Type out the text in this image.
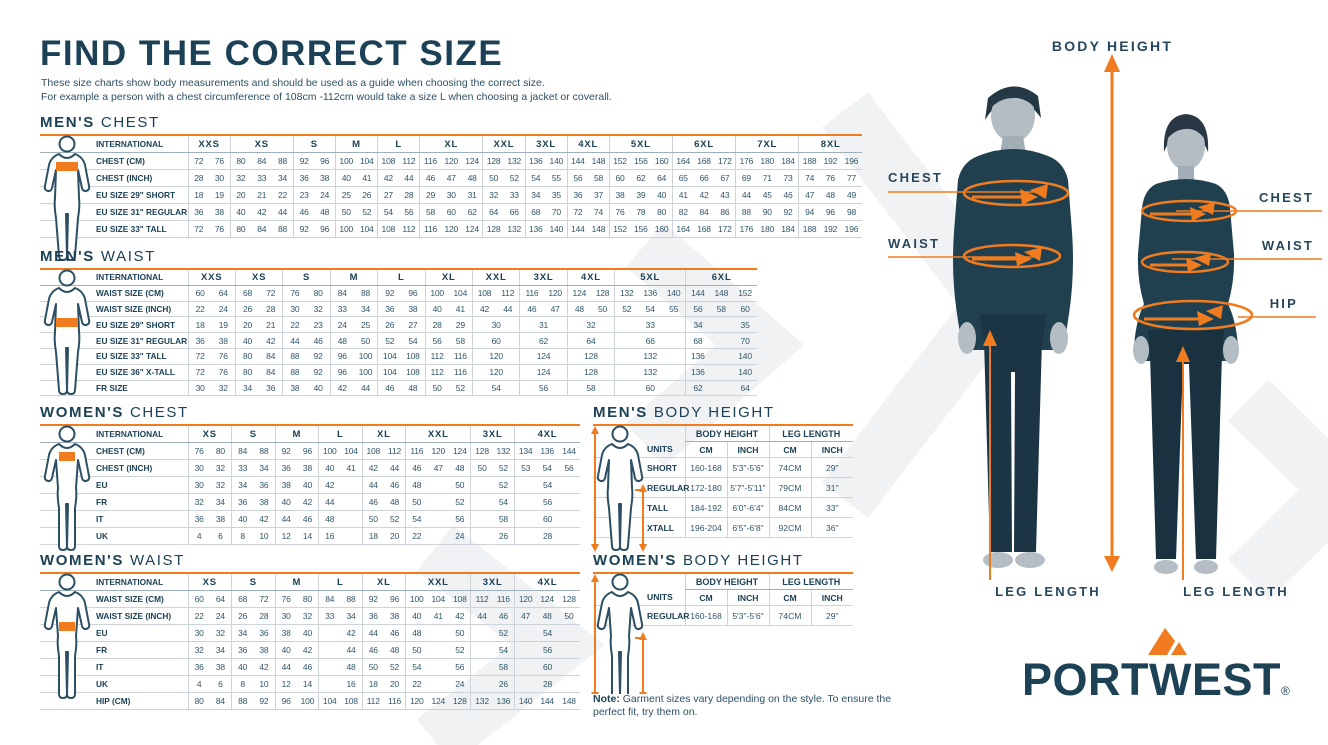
FIND THE CORRECT SIZE
These size charts show body measurements and should be used as a guide when choosing the correct size.
For example a person with a chest circumference of 108cm -112cm would take a size L when choosing a jacket or coverall.
MEN'S CHEST
INTERNATIONAL	XXS		XS			S		M		L		XL			XXL		3XL		4XL		5XL			6XL			7XL			8XL		
CHEST (CM)	72	76	80	84	88	92	96	100	104	108	112	116	120	124	128	132	136	140	144	148	152	156	160	164	168	172	176	180	184	188	192	196
CHEST (INCH)	28	30	32	33	34	36	38	40	41	42	44	46	47	48	50	52	54	55	56	58	60	62	64	65	66	67	69	71	73	74	76	77
EU SIZE 29" SHORT	18	19	20	21	22	23	24	25	26	27	28	29	30	31	32	33	34	35	36	37	38	39	40	41	42	43	44	45	46	47	48	49
EU SIZE 31" REGULAR	36	38	40	42	44	46	48	50	52	54	56	58	60	62	64	66	68	70	72	74	76	78	80	82	84	86	88	90	92	94	96	98
EU SIZE 33" TALL	72	76	80	84	88	92	96	100	104	108	112	116	120	124	128	132	136	140	144	148	152	156	160	164	168	172	176	180	184	188	192	196
MEN'S WAIST
INTERNATIONAL	XXS		XS		S		M		L		XL		XXL		3XL		4XL		5XL			6XL		
WAIST SIZE (CM)	60	64	68	72	76	80	84	88	92	96	100	104	108	112	116	120	124	128	132	136	140	144	148	152
WAIST SIZE (INCH)	22	24	26	28	30	32	33	34	36	38	40	41	42	44	46	47	48	50	52	54	55	56	58	60
EU SIZE 29" SHORT	18	19	20	21	22	23	24	25	26	27	28	29	30		31		32		33			34		35
EU SIZE 31" REGULAR	36	38	40	42	44	46	48	50	52	54	56	58	60		62		64		66			68		70
EU SIZE 33" TALL	72	76	80	84	88	92	96	100	104	108	112	116	120		124		128		132			136		140
EU SIZE 36" X-TALL	72	76	80	84	88	92	96	100	104	108	112	116	120		124		128		132			136		140
FR SIZE	30	32	34	36	38	40	42	44	46	48	50	52	54		56		58		60			62		64
WOMEN'S CHEST
INTERNATIONAL	XS		S		M		L		XL		XXL			3XL		4XL		
CHEST (CM)	76	80	84	88	92	96	100	104	108	112	116	120	124	128	132	134	136	144
CHEST (INCH)	30	32	33	34	36	38	40	41	42	44	46	47	48	50	52	53	54	56
EU	30	32	34	36	38	40	42		44	46	48		50		52	54		
FR	32	34	36	38	40	42	44		46	48	50		52		54	56		
IT	36	38	40	42	44	46	48		50	52	54		56		58	60		
UK	4	6	8	10	12	14	16		18	20	22		24		26	28		
WOMEN'S WAIST
INTERNATIONAL	XS		S		M		L		XL		XXL			3XL		4XL		
WAIST SIZE (CM)	60	64	68	72	76	80	84	88	92	96	100	104	108	112	116	120	124	128
WAIST SIZE (INCH)	22	24	26	28	30	32	33	34	36	38	40	41	42	44	46	47	48	50
EU	30	32	34	36	38	40		42	44	46	48		50		52	54		
FR	32	34	36	38	40	42		44	46	48	50		52		54	56		
IT	36	38	40	42	44	46		48	50	52	54		56		58	60		
UK	4	6	8	10	12	14		16	18	20	22		24		26	28		
HIP (CM)	80	84	88	92	96	100	104	108	112	116	120	124	128	132	136	140	144	148
MEN'S BODY HEIGHT
	BODY HEIGHT		LEG LENGTH	
UNITS	CM	INCH	CM	INCH
SHORT	160-168	5'3"-5'6"	74CM	29"
REGULAR	172-180	5'7"-5'11"	79CM	31"
TALL	184-192	6'0"-6'4"	84CM	33"
XTALL	196-204	6'5"-6'8"	92CM	36"
WOMEN'S BODY HEIGHT
	BODY HEIGHT		LEG LENGTH	
UNITS	CM	INCH	CM	INCH
REGULAR	160-168	5'3"-5'6"	74CM	29"

Note: Garment sizes vary depending on the style. To ensure the perfect fit, try them on.

BODY HEIGHT
CHEST
WAIST
CHEST
WAIST
HIP
LEG LENGTH	LEG LENGTH
PORTWEST®
